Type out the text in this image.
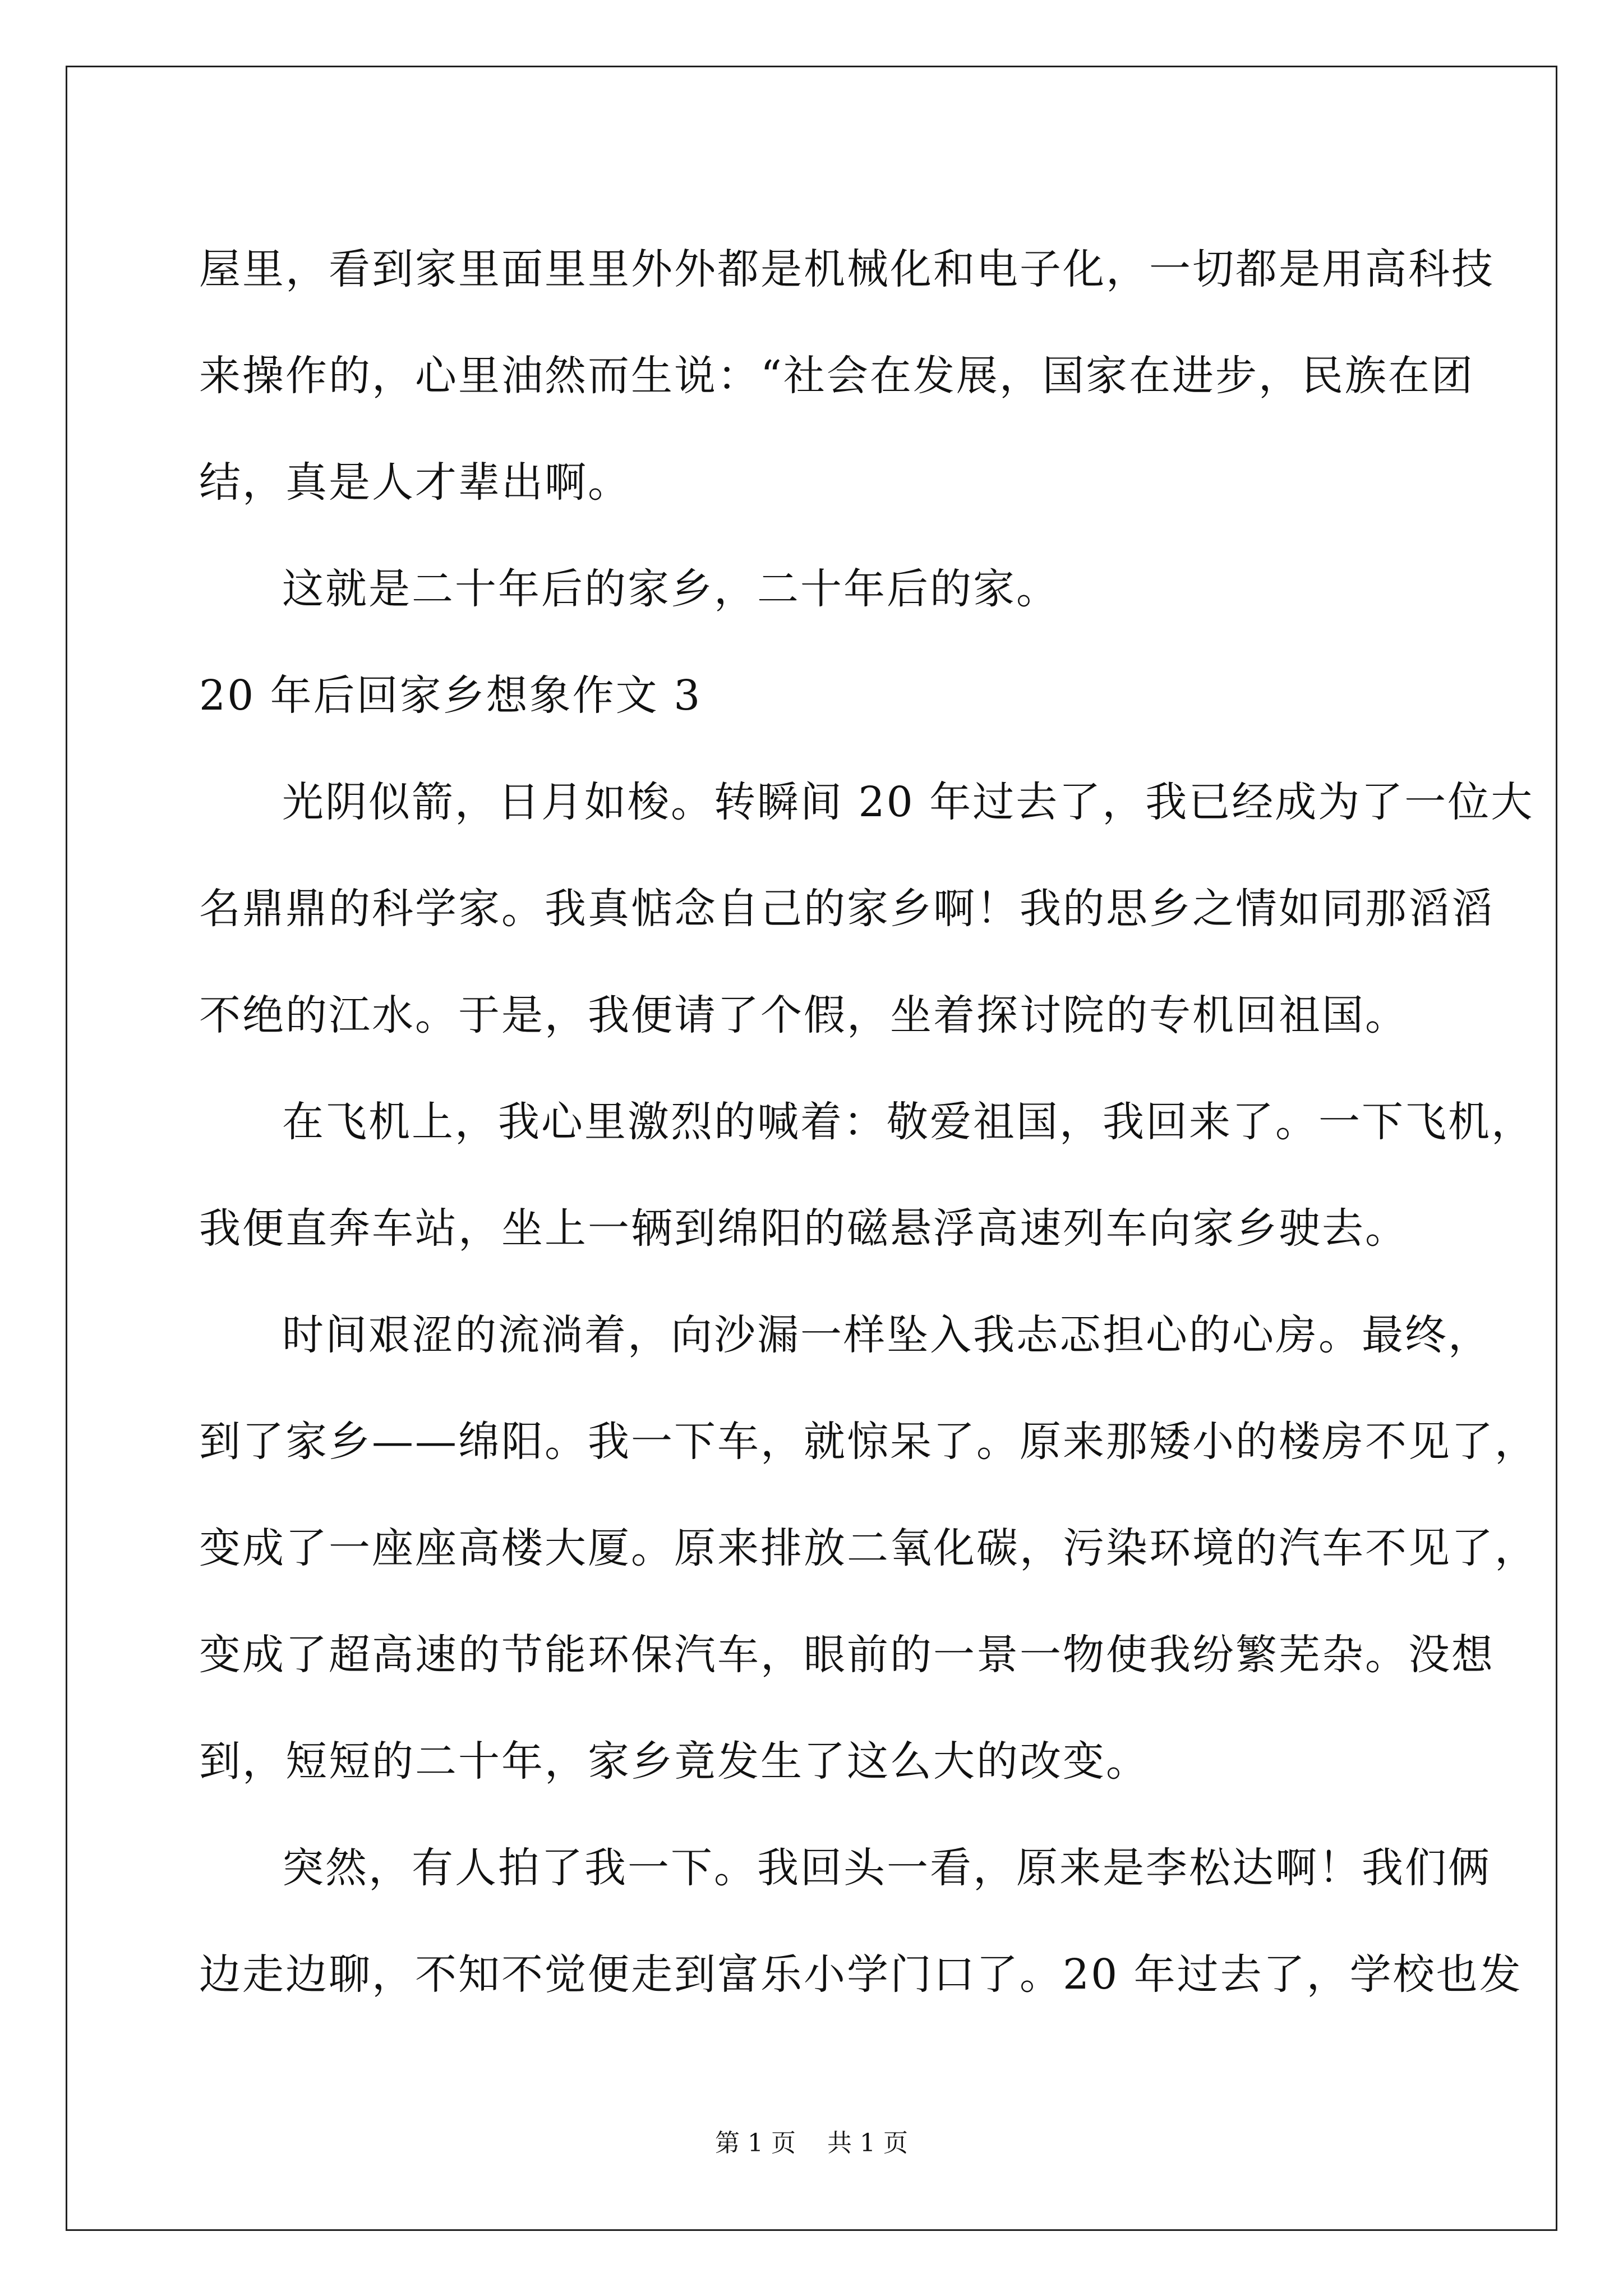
屋里，看到家里面里里外外都是机械化和电子化，一切都是用高科技
来操作的，心里油然而生说：“社会在发展，国家在进步，民族在团
结，真是人才辈出啊。
这就是二十年后的家乡，二十年后的家。
20 年后回家乡想象作文 3
光阴似箭，日月如梭。转瞬间 20 年过去了，我已经成为了一位大
名鼎鼎的科学家。我真惦念自己的家乡啊！我的思乡之情如同那滔滔
不绝的江水。于是，我便请了个假，坐着探讨院的专机回祖国。
在飞机上，我心里激烈的喊着：敬爱祖国，我回来了。一下飞机，
我便直奔车站，坐上一辆到绵阳的磁悬浮高速列车向家乡驶去。
时间艰涩的流淌着，向沙漏一样坠入我忐忑担心的心房。最终，
到了家乡——绵阳。我一下车，就惊呆了。原来那矮小的楼房不见了，
变成了一座座高楼大厦。原来排放二氧化碳，污染环境的汽车不见了，
变成了超高速的节能环保汽车，眼前的一景一物使我纷繁芜杂。没想
到，短短的二十年，家乡竟发生了这么大的改变。
突然，有人拍了我一下。我回头一看，原来是李松达啊！我们俩
边走边聊，不知不觉便走到富乐小学门口了。20 年过去了，学校也发
第 1 页 共 1 页
